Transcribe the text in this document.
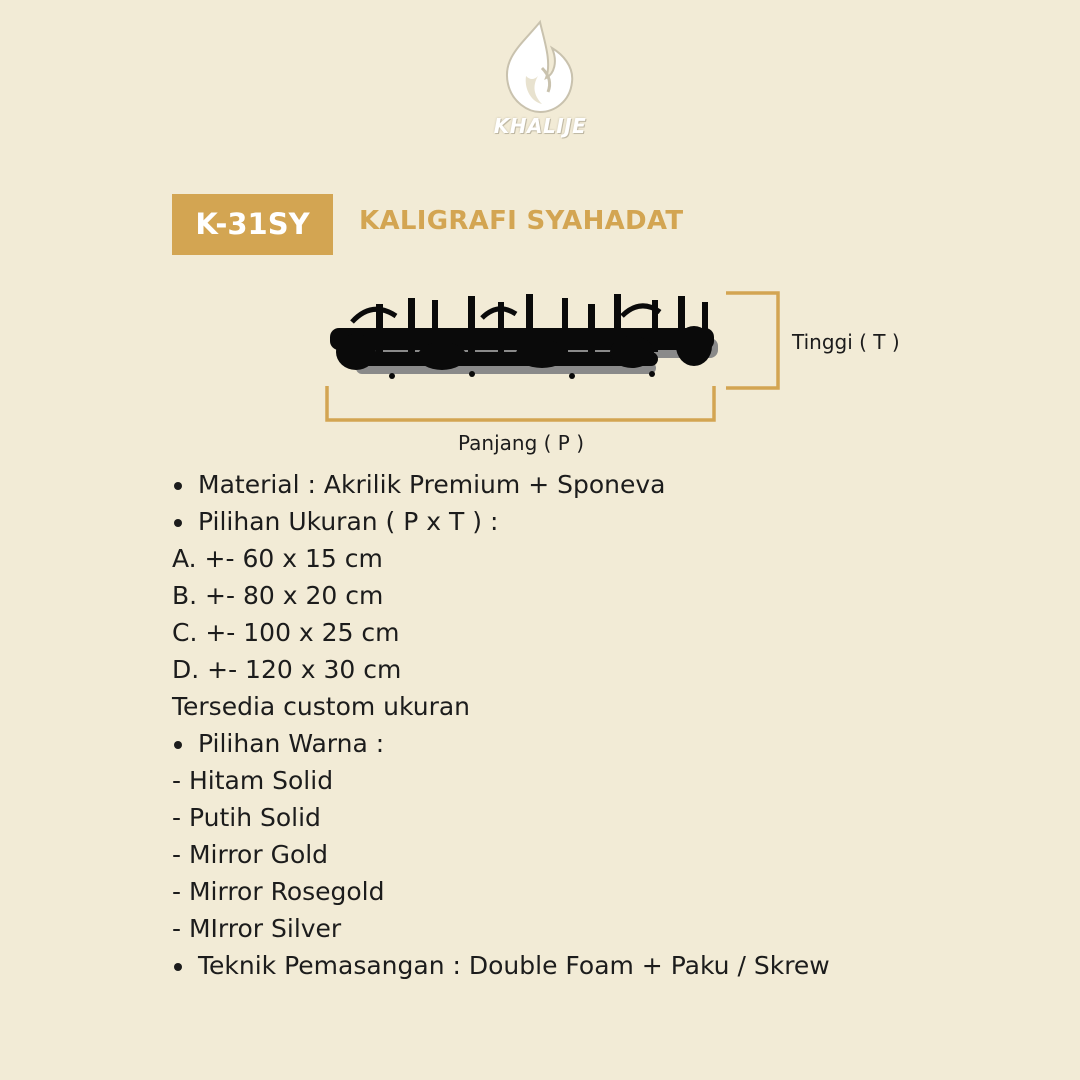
KHALIJE
K-31SY	KALIGRAFI SYAHADAT
Tinggi ( T )
Panjang ( P )
Material : Akrilik Premium + Sponeva
Pilihan Ukuran ( P x T ) :
A. +- 60 x 15 cm
B. +- 80 x 20 cm
C. +- 100 x 25 cm
D. +- 120 x 30 cm
Tersedia custom ukuran
Pilihan Warna :
- Hitam Solid
- Putih Solid
- Mirror Gold
- Mirror Rosegold
- MIrror Silver
Teknik Pemasangan : Double Foam + Paku / Skrew
